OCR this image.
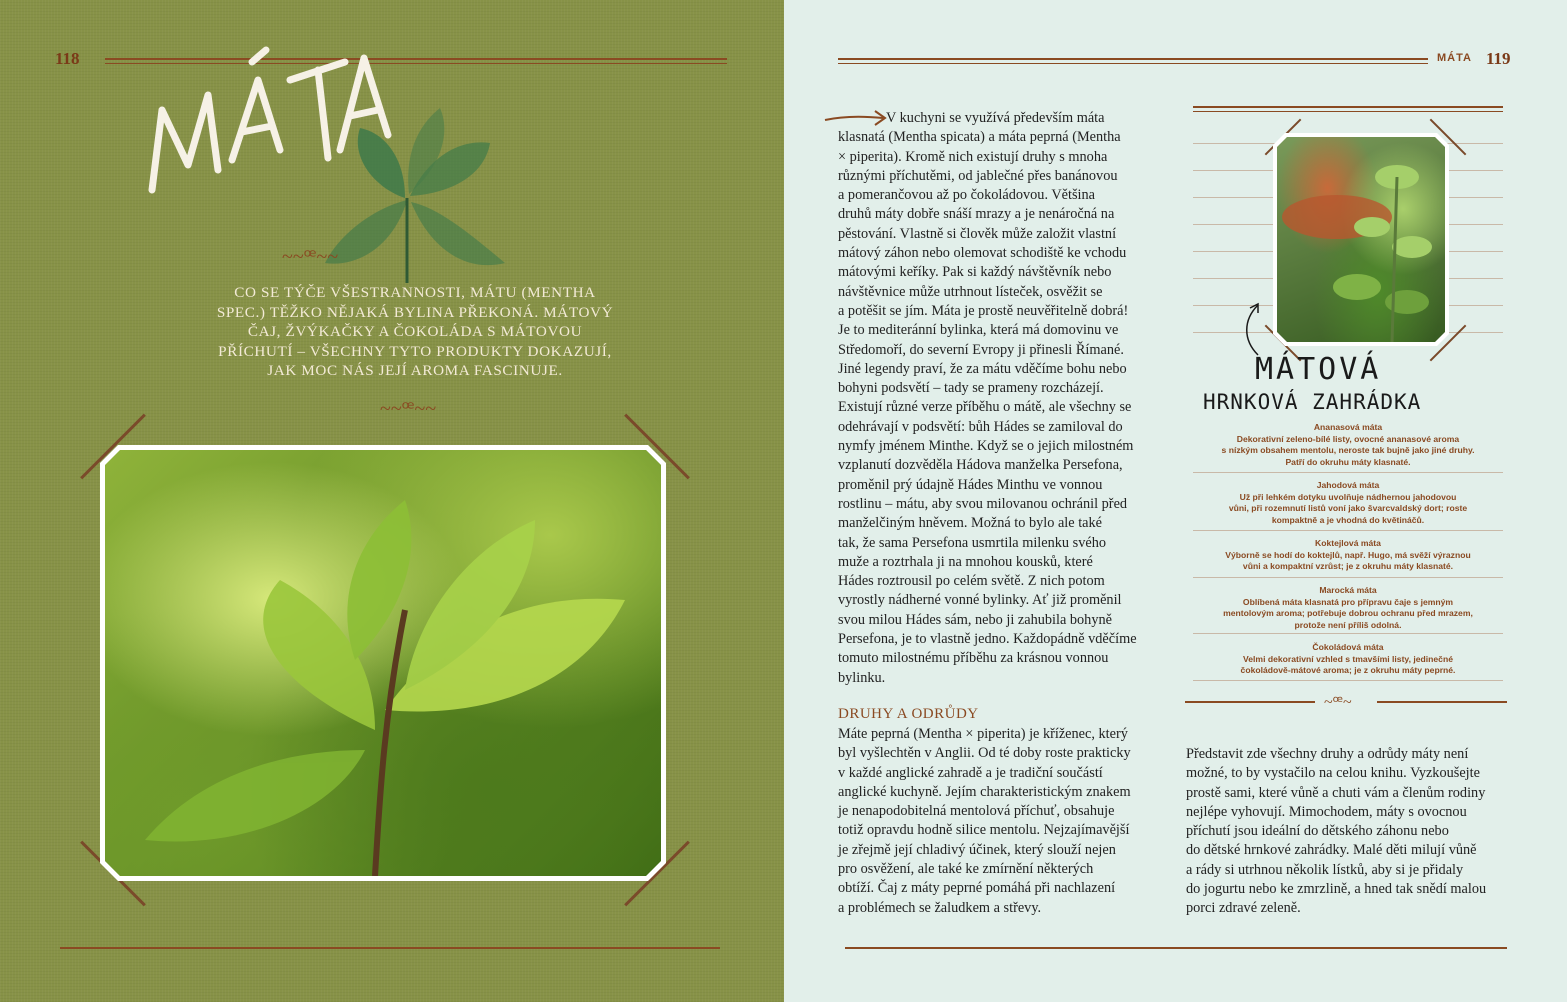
118
~~ꟹ~~
CO SE TÝČE VŠESTRANNOSTI, MÁTU (MENTHA SPEC.) TĚŽKO NĚJAKÁ BYLINA PŘEKONÁ. MÁTOVÝ ČAJ, ŽVÝKAČKY A ČOKOLÁDA S MÁTOVOU PŘÍCHUTÍ – VŠECHNY TYTO PRODUKTY DOKAZUJÍ, JAK MOC NÁS JEJÍ AROMA FASCINUJE.
~~ꟹ~~
MÁTA 119

V kuchyni se využívá především máta

klasnatá (Mentha spicata) a máta peprná (Mentha

× piperita). Kromě nich existují druhy s mnoha

různými příchutěmi, od jablečné přes banánovou

a pomerančovou až po čokoládovou. Většina

druhů máty dobře snáší mrazy a je nenáročná na

pěstování. Vlastně si člověk může založit vlastní

mátový záhon nebo olemovat schodiště ke vchodu

mátovými keříky. Pak si každý návštěvník nebo

návštěvnice může utrhnout lísteček, osvěžit se

a potěšit se jím. Máta je prostě neuvěřitelně dobrá!

Je to mediteránní bylinka, která má domovinu ve

Středomoří, do severní Evropy ji přinesli Římané.

Jiné legendy praví, že za mátu vděčíme bohu nebo

bohyni podsvětí – tady se prameny rozcházejí.

Existují různé verze příběhu o mátě, ale všechny se

odehrávají v podsvětí: bůh Hádes se zamiloval do

nymfy jménem Minthe. Když se o jejich milostném

vzplanutí dozvěděla Hádova manželka Persefona,

proměnil prý údajně Hádes Minthu ve vonnou

rostlinu – mátu, aby svou milovanou ochránil před

manželčiným hněvem. Možná to bylo ale také

tak, že sama Persefona usmrtila milenku svého

muže a roztrhala ji na mnohou kousků, které

Hádes roztrousil po celém světě. Z nich potom

vyrostly nádherné vonné bylinky. Ať již proměnil

svou milou Hádes sám, nebo ji zahubila bohyně

Persefona, je to vlastně jedno. Každopádně vděčíme

tomuto milostnému příběhu za krásnou vonnou

bylinku.

DRUHY A ODRŮDY

Máte peprná (Mentha × piperita) je kříženec, který

byl vyšlechtěn v Anglii. Od té doby roste prakticky

v každé anglické zahradě a je tradiční součástí

anglické kuchyně. Jejím charakteristickým znakem

je nenapodobitelná mentolová příchuť, obsahuje

totiž opravdu hodně silice mentolu. Nejzajímavější

je zřejmě její chladivý účinek, který slouží nejen

pro osvěžení, ale také ke zmírnění některých

obtíží. Čaj z máty peprné pomáhá při nachlazení

a problémech se žaludkem a střevy.

MÁTOVÁ
HRNKOVÁ ZAHRÁDKA
Ananasová máta
Dekorativní zeleno-bílé listy, ovocné ananasové aroma
s nízkým obsahem mentolu, neroste tak bujně jako jiné druhy.
Patří do okruhu máty klasnaté.
Jahodová máta
Už při lehkém dotyku uvolňuje nádhernou jahodovou
vůni, při rozemnutí listů voní jako švarcvaldský dort; roste
kompaktně a je vhodná do květináčů.
Koktejlová máta
Výborně se hodí do koktejlů, např. Hugo, má svěží výraznou
vůni a kompaktní vzrůst; je z okruhu máty klasnaté.
Marocká máta
Oblíbená máta klasnatá pro přípravu čaje s jemným
mentolovým aroma; potřebuje dobrou ochranu před mrazem,
protože není příliš odolná.
Čokoládová máta
Velmi dekorativní vzhled s tmavšími listy, jedinečné
čokoládově-mátové aroma; je z okruhu máty peprné.
~ꟹ~

Představit zde všechny druhy a odrůdy máty není

možné, to by vystačilo na celou knihu. Vyzkoušejte

prostě sami, které vůně a chuti vám a členům rodiny

nejlépe vyhovují. Mimochodem, máty s ovocnou

příchutí jsou ideální do dětského záhonu nebo

do dětské hrnkové zahrádky. Malé děti milují vůně

a rády si utrhnou několik lístků, aby si je přidaly

do jogurtu nebo ke zmrzlině, a hned tak snědí malou

porci zdravé zeleně.
